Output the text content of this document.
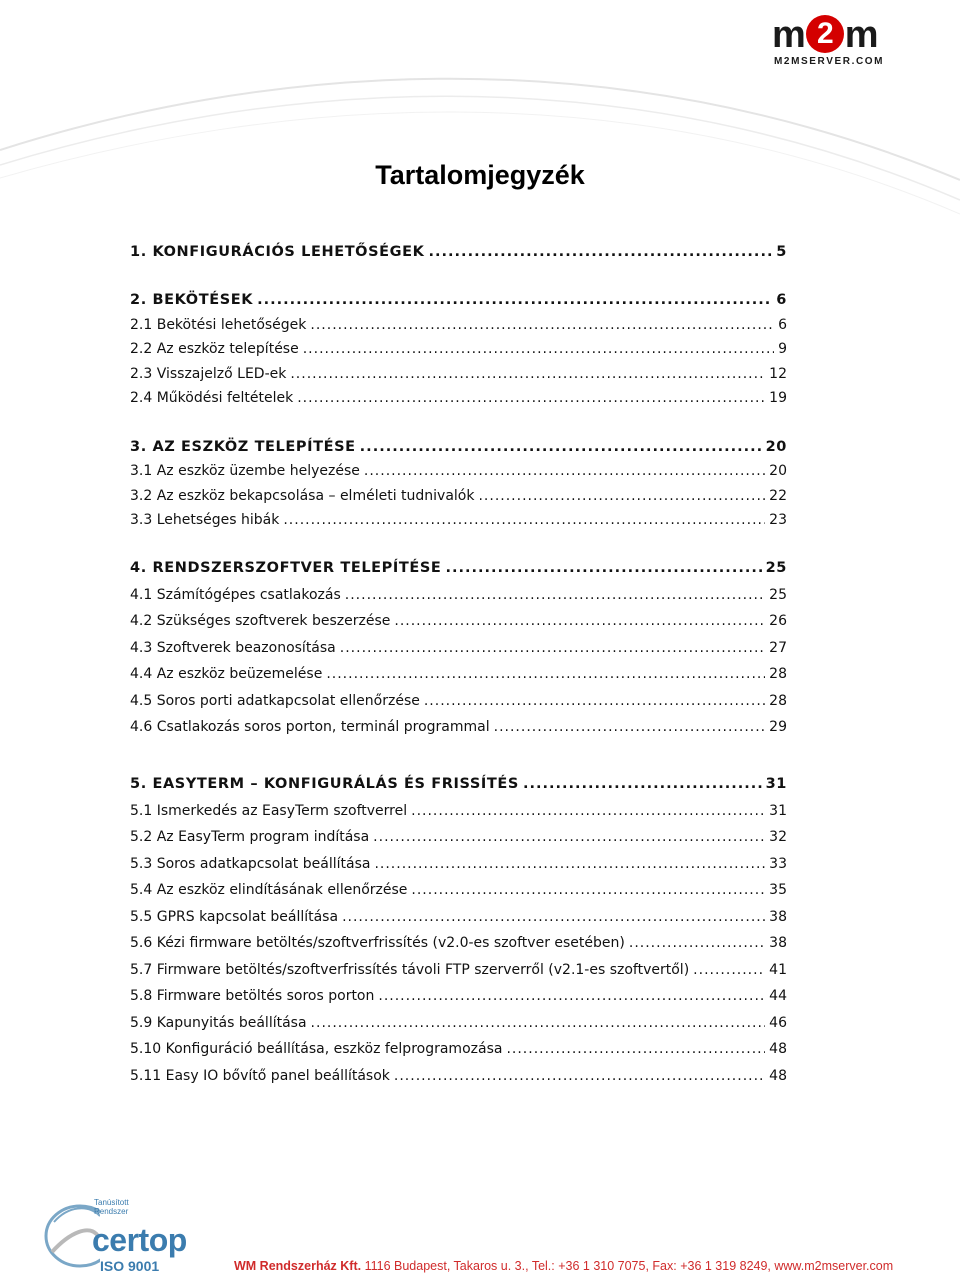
m 2 m
M2MSERVER.COM
Tartalomjegyzék
1. KONFIGURÁCIÓS LEHETŐSÉGEK .....	5
2. BEKÖTÉSEK .....	6
2.1 Bekötési lehetőségek .....	6
2.2 Az eszköz telepítése .....	9
2.3 Visszajelző LED-ek .....	12
2.4 Működési feltételek .....	19
3. AZ ESZKÖZ TELEPÍTÉSE .....	20
3.1 Az eszköz üzembe helyezése .....	20
3.2 Az eszköz bekapcsolása – elméleti tudnivalók .....	22
3.3 Lehetséges hibák .....	23
4. RENDSZERSZOFTVER TELEPÍTÉSE .....	25
4.1 Számítógépes csatlakozás .....	25
4.2 Szükséges szoftverek beszerzése .....	26
4.3 Szoftverek beazonosítása .....	27
4.4 Az eszköz beüzemelése .....	28
4.5 Soros porti adatkapcsolat ellenőrzése .....	28
4.6 Csatlakozás soros porton, terminál programmal .....	29
5. EASYTERM – KONFIGURÁLÁS ÉS FRISSÍTÉS .....	31
5.1 Ismerkedés az EasyTerm szoftverrel .....	31
5.2 Az EasyTerm program indítása .....	32
5.3 Soros adatkapcsolat beállítása .....	33
5.4 Az eszköz elindításának ellenőrzése .....	35
5.5 GPRS kapcsolat beállítása .....	38
5.6 Kézi firmware betöltés/szoftverfrissítés (v2.0-es szoftver esetében) .....	38
5.7 Firmware betöltés/szoftverfrissítés távoli FTP szerverről (v2.1-es szoftvertől) .....	41
5.8 Firmware betöltés soros porton .....	44
5.9 Kapunyitás beállítása .....	46
5.10 Konfiguráció beállítása, eszköz felprogramozása .....	48
5.11 Easy IO bővítő panel beállítások .....	48
Tanúsított
Rendszer
certop
ISO 9001	WM Rendszerház Kft. 1116 Budapest, Takaros u. 3., Tel.: +36 1 310 7075, Fax: +36 1 319 8249, www.m2mserver.com
